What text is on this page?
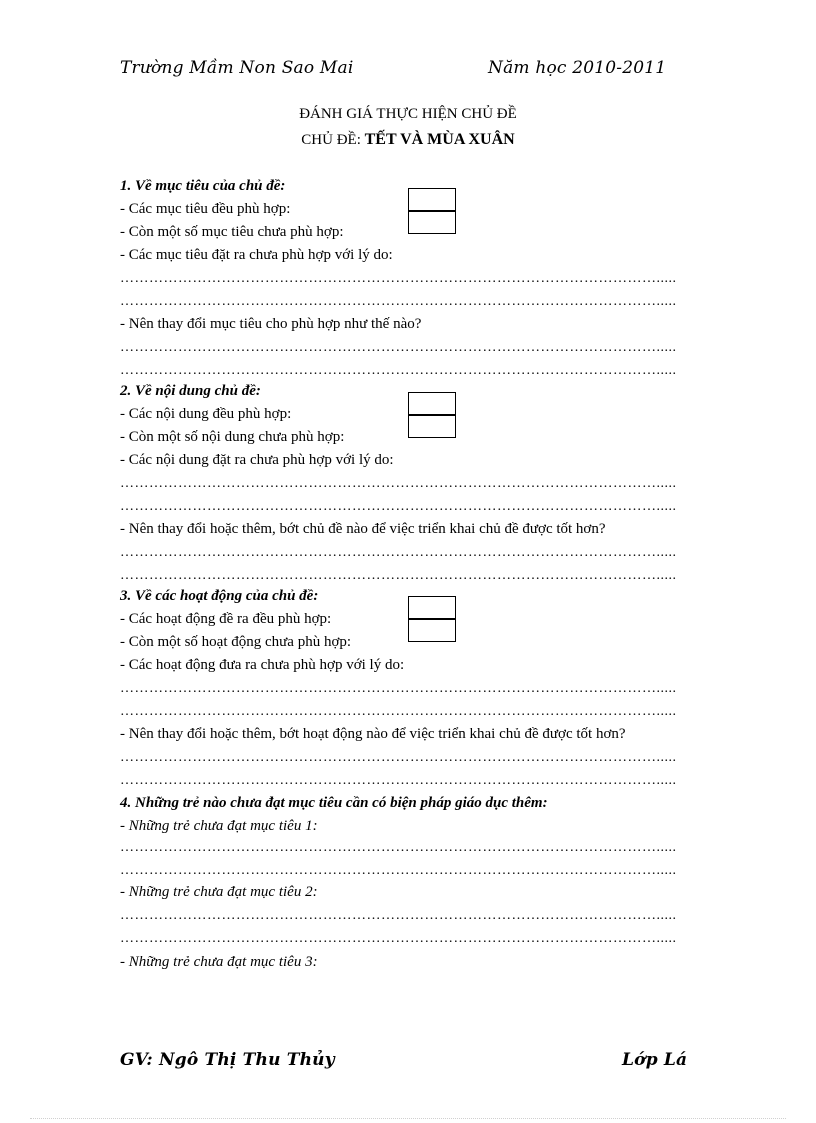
Trường Mầm Non Sao Mai	Năm học 2010-2011
ĐÁNH GIÁ THỰC HIỆN CHỦ ĐỀ
CHỦ ĐỀ: TẾT VÀ MÙA XUÂN
1. Về mục tiêu của chủ đề:
- Các mục tiêu đều phù hợp:
- Còn một số mục tiêu chưa phù hợp:
- Các mục tiêu đặt ra chưa phù hợp với lý do:
………………………………………………………………………………………………….....
………………………………………………………………………………………………….....
- Nên thay đổi mục tiêu cho phù hợp như thế nào?
………………………………………………………………………………………………….....
………………………………………………………………………………………………….....
2. Về nội dung chủ đề:
- Các nội dung đều phù hợp:
- Còn một số nội dung chưa phù hợp:
- Các nội dung đặt ra chưa phù hợp với lý do:
………………………………………………………………………………………………….....
………………………………………………………………………………………………….....
- Nên thay đổi hoặc thêm, bớt chủ đề nào để việc triển khai chủ đề được tốt hơn?
………………………………………………………………………………………………….....
………………………………………………………………………………………………….....
3. Về các hoạt động của chủ đề:
- Các hoạt động đề ra đều phù hợp:
- Còn một số hoạt động chưa phù hợp:
- Các hoạt động đưa ra chưa phù hợp với lý do:
………………………………………………………………………………………………….....
………………………………………………………………………………………………….....
- Nên thay đổi hoặc thêm, bớt hoạt động nào để việc triển khai chủ đề được tốt hơn?
………………………………………………………………………………………………….....
………………………………………………………………………………………………….....
4. Những trẻ nào chưa đạt mục tiêu cần có biện pháp giáo dục thêm:
- Những trẻ chưa đạt mục tiêu 1:
………………………………………………………………………………………………….....
………………………………………………………………………………………………….....
- Những trẻ chưa đạt mục tiêu 2:
………………………………………………………………………………………………….....
………………………………………………………………………………………………….....
- Những trẻ chưa đạt mục tiêu 3:
GV: Ngô Thị Thu Thủy	Lớp Lá
